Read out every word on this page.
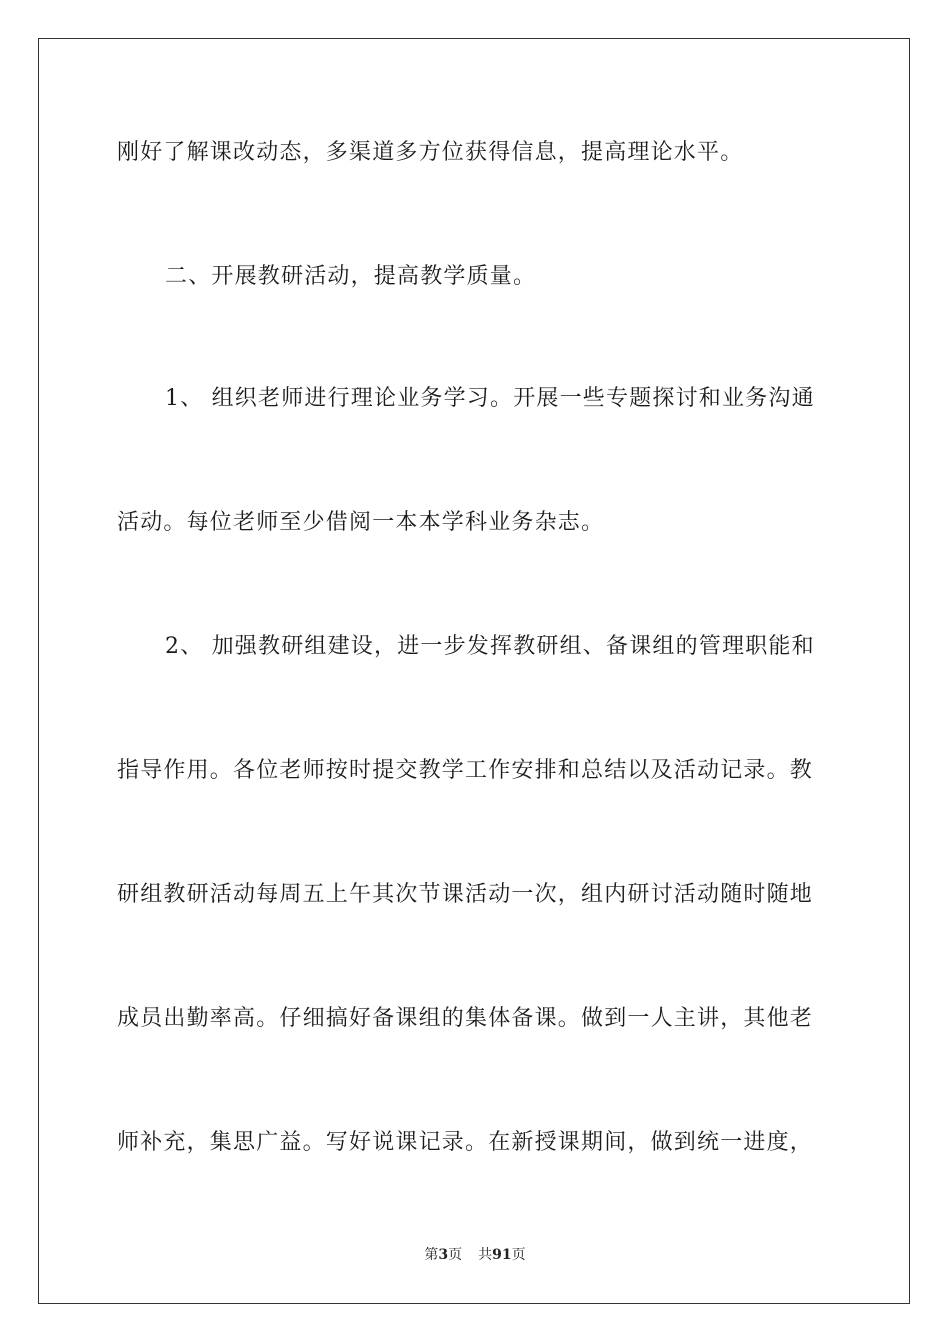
刚好了解课改动态，多渠道多方位获得信息，提高理论水平。
二、开展教研活动，提高教学质量。
1、 组织老师进行理论业务学习。开展一些专题探讨和业务沟通
活动。每位老师至少借阅一本本学科业务杂志。
2、 加强教研组建设，进一步发挥教研组、备课组的管理职能和
指导作用。各位老师按时提交教学工作安排和总结以及活动记录。教
研组教研活动每周五上午其次节课活动一次，组内研讨活动随时随地
成员出勤率高。仔细搞好备课组的集体备课。做到一人主讲，其他老
师补充，集思广益。写好说课记录。在新授课期间，做到统一进度，
第3页 共91页
